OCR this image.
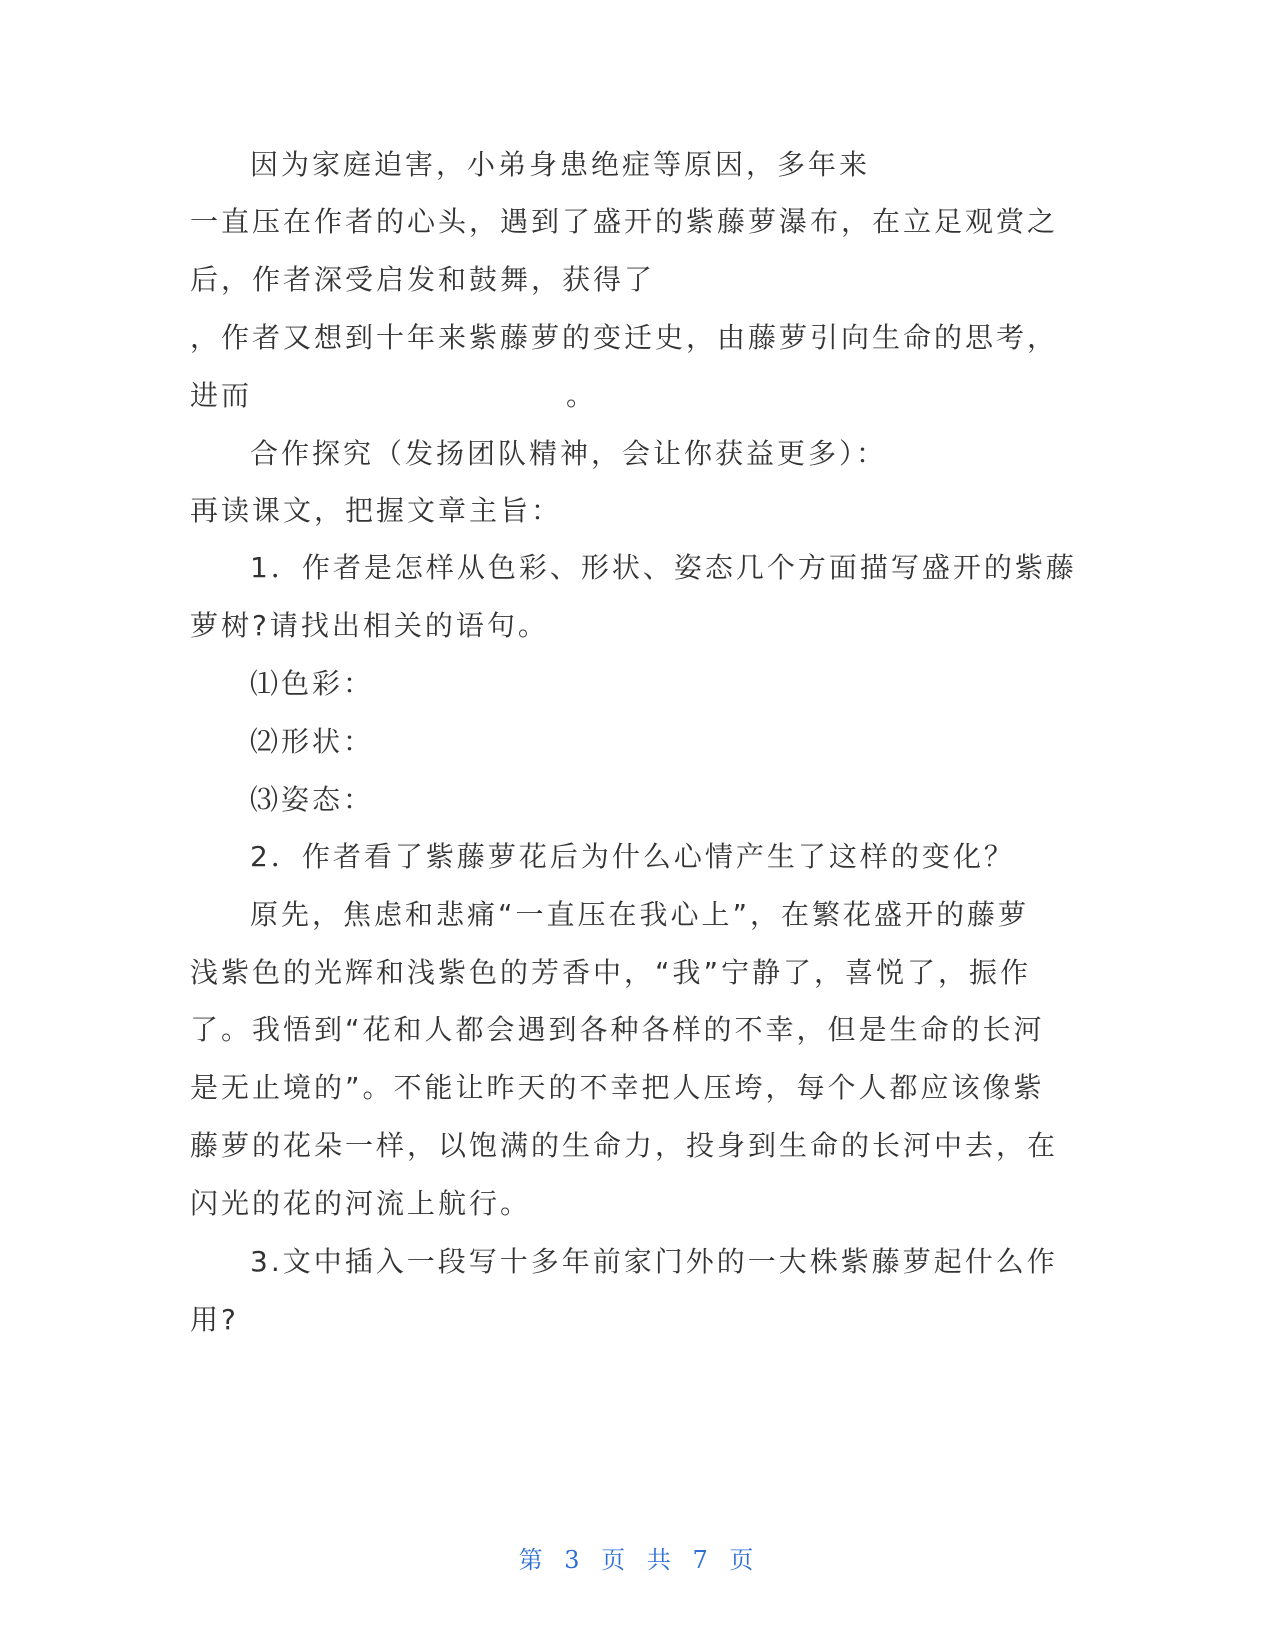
因为家庭迫害，小弟身患绝症等原因，多年来
一直压在作者的心头，遇到了盛开的紫藤萝瀑布，在立足观赏之
后，作者深受启发和鼓舞，获得了
，作者又想到十年来紫藤萝的变迁史，由藤萝引向生命的思考，
进而	。
合作探究（发扬团队精神，会让你获益更多）：
再读课文，把握文章主旨：
1．作者是怎样从色彩、形状、姿态几个方面描写盛开的紫藤
萝树?请找出相关的语句。
⑴色彩：
⑵形状：
⑶姿态：
2．作者看了紫藤萝花后为什么心情产生了这样的变化？
原先，焦虑和悲痛“一直压在我心上”，在繁花盛开的藤萝
浅紫色的光辉和浅紫色的芳香中，“我”宁静了，喜悦了，振作
了。我悟到“花和人都会遇到各种各样的不幸，但是生命的长河
是无止境的”。不能让昨天的不幸把人压垮，每个人都应该像紫
藤萝的花朵一样，以饱满的生命力，投身到生命的长河中去，在
闪光的花的河流上航行。
3.文中插入一段写十多年前家门外的一大株紫藤萝起什么作
用?
第 3 页 共 7 页
